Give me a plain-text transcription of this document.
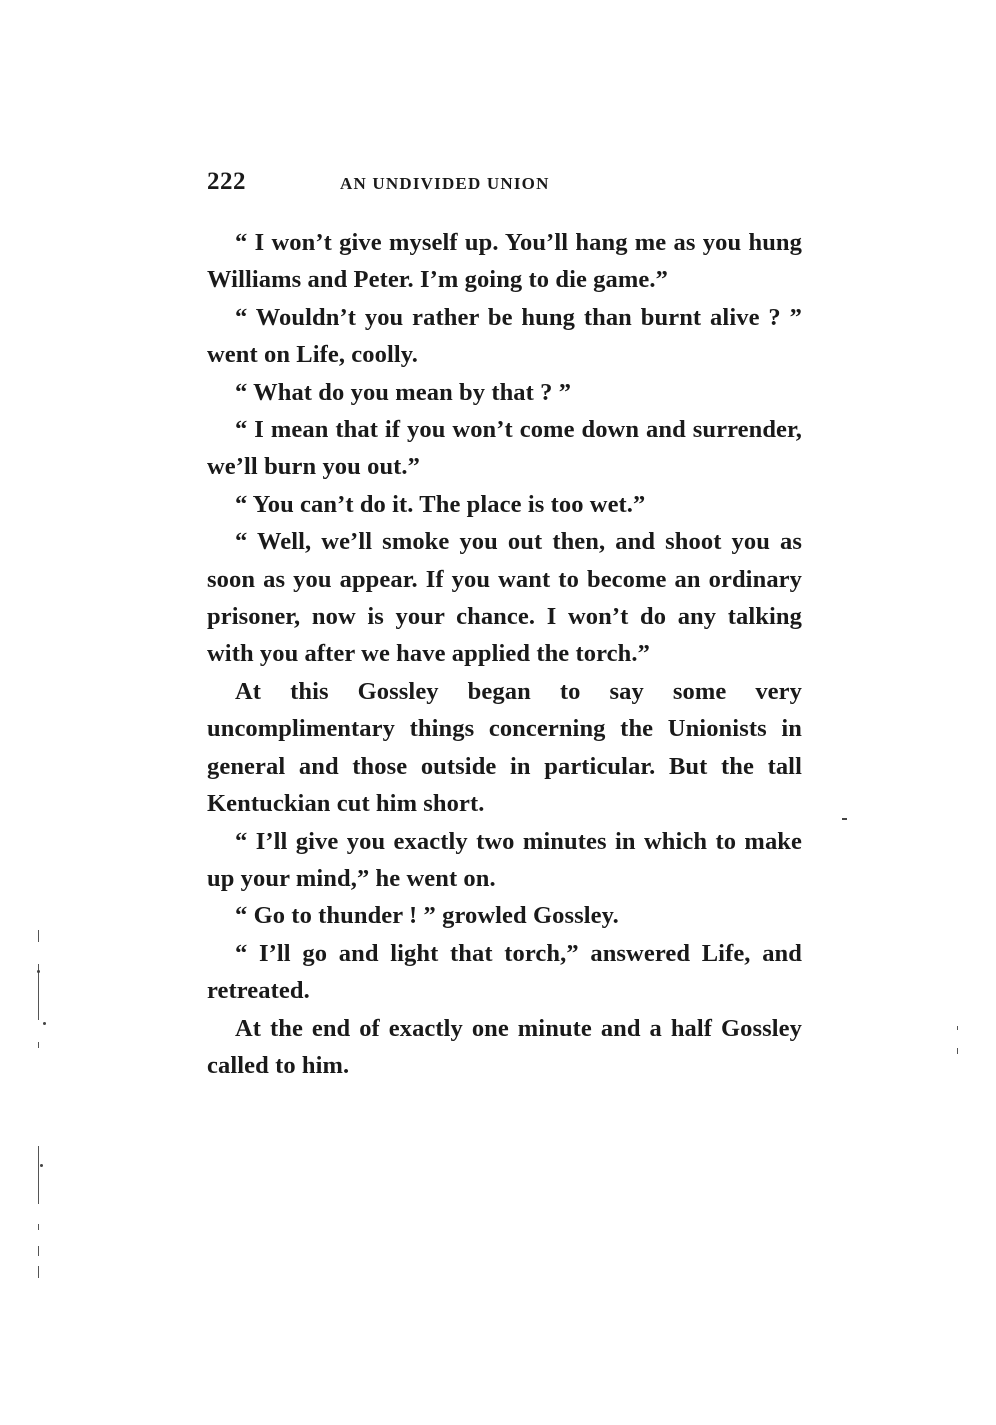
222	AN UNDIVIDED UNION

“ I won’t give myself up. You’ll hang me as you hung Williams and Peter. I’m going to die game.”

“ Wouldn’t you rather be hung than burnt alive ? ” went on Life, coolly.

“ What do you mean by that ? ”

“ I mean that if you won’t come down and surrender, we’ll burn you out.”

“ You can’t do it. The place is too wet.”

“ Well, we’ll smoke you out then, and shoot you as soon as you appear. If you want to become an ordinary prisoner, now is your chance. I won’t do any talking with you after we have applied the torch.”

At this Gossley began to say some very uncomplimentary things concerning the Unionists in general and those outside in particular. But the tall Kentuckian cut him short.

“ I’ll give you exactly two minutes in which to make up your mind,” he went on.

“ Go to thunder ! ” growled Gossley.

“ I’ll go and light that torch,” answered Life, and retreated.

At the end of exactly one minute and a half Gossley called to him.
